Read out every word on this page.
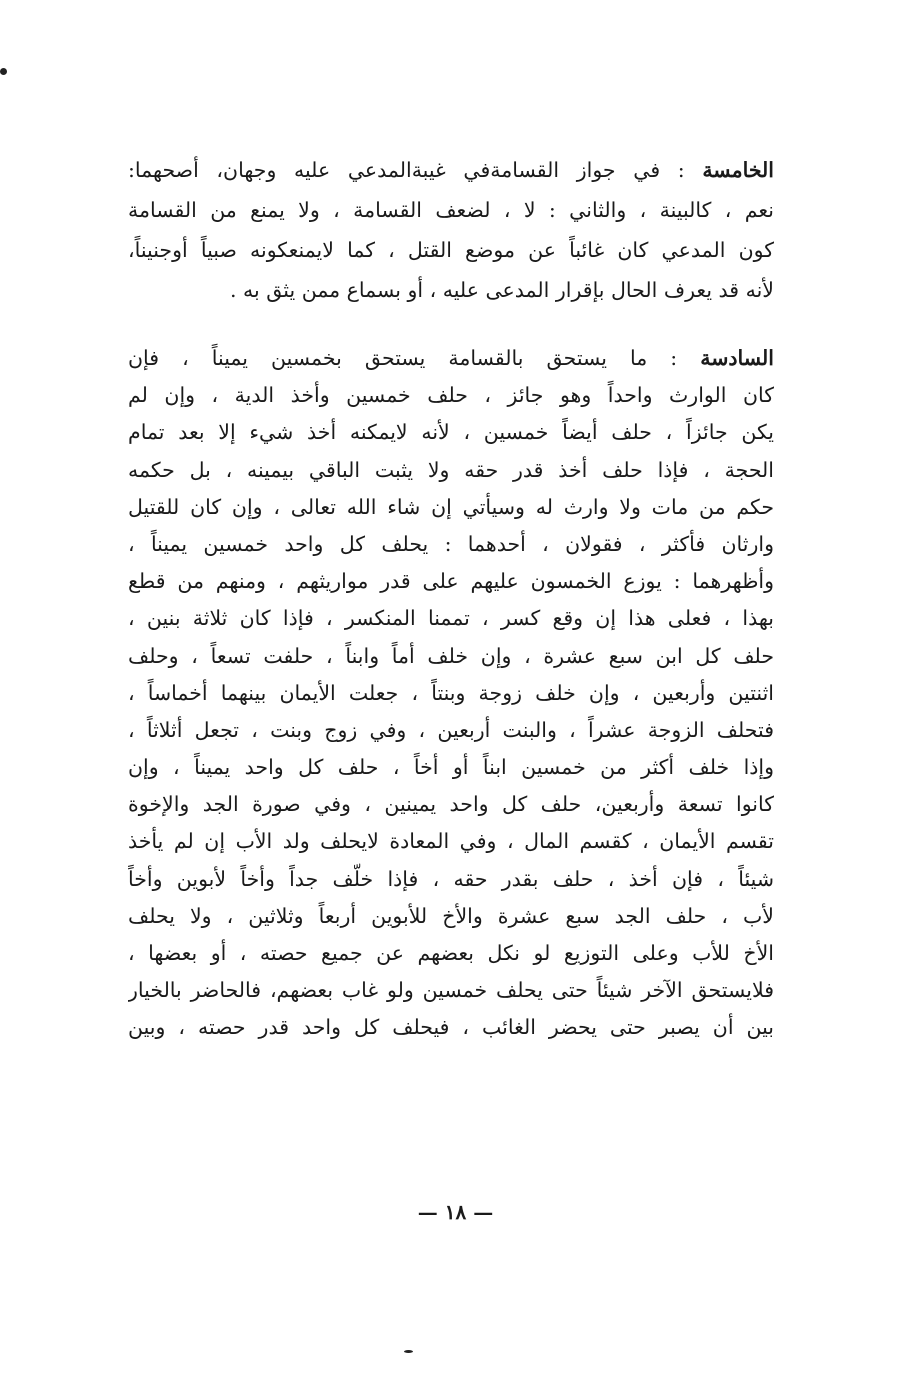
الخامسة : في جواز القسامةفي غيبةالمدعي عليه وجهان، أصحهما:
نعم ، كالبينة ، والثاني : لا ، لضعف القسامة ، ولا يمنع من القسامة
كون المدعي كان غائباً عن موضع القتل ، كما لايمنعكونه صبياً أوجنيناً،
لأنه قد يعرف الحال بإقرار المدعى عليه ، أو بسماع ممن يثق به .
السادسة : ما يستحق بالقسامة يستحق بخمسين يميناً ، فإن
كان الوارث واحداً وهو جائز ، حلف خمسين وأخذ الدية ، وإن لم
يكن جائزاً ، حلف أيضاً خمسين ، لأنه لايمكنه أخذ شيء إلا بعد تمام
الحجة ، فإذا حلف أخذ قدر حقه ولا يثبت الباقي بيمينه ، بل حكمه
حكم من مات ولا وارث له وسيأتي إن شاء الله تعالى ، وإن كان للقتيل
وارثان فأكثر ، فقولان ، أحدهما : يحلف كل واحد خمسين يميناً ،
وأظهرهما : يوزع الخمسون عليهم على قدر مواريثهم ، ومنهم من قطع
بهذا ، فعلى هذا إن وقع كسر ، تممنا المنكسر ، فإذا كان ثلاثة بنين ،
حلف كل ابن سبع عشرة ، وإن خلف أماً وابناً ، حلفت تسعاً ، وحلف
اثنتين وأربعين ، وإن خلف زوجة وبنتاً ، جعلت الأيمان بينهما أخماساً ،
فتحلف الزوجة عشراً ، والبنت أربعين ، وفي زوج وبنت ، تجعل أثلاثاً ،
وإذا خلف أكثر من خمسين ابناً أو أخاً ، حلف كل واحد يميناً ، وإن
كانوا تسعة وأربعين، حلف كل واحد يمينين ، وفي صورة الجد والإخوة
تقسم الأيمان ، كقسم المال ، وفي المعادة لايحلف ولد الأب إن لم يأخذ
شيئاً ، فإن أخذ ، حلف بقدر حقه ، فإذا خلّف جداً وأخاً لأبوين وأخاً
لأب ، حلف الجد سبع عشرة والأخ للأبوين أربعاً وثلاثين ، ولا يحلف
الأخ للأب وعلى التوزيع لو نكل بعضهم عن جميع حصته ، أو بعضها ،
فلايستحق الآخر شيئاً حتى يحلف خمسين ولو غاب بعضهم، فالحاضر بالخيار
بين أن يصبر حتى يحضر الغائب ، فيحلف كل واحد قدر حصته ، وبين
— ١٨ —
